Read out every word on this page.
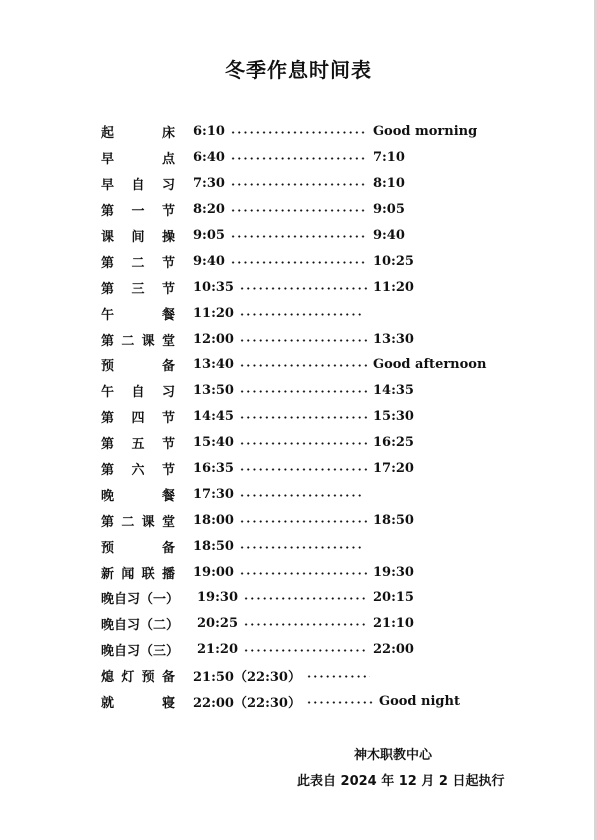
冬季作息时间表
起	床 6:10	Good morning
早	点 6:40	7:10
早 自 习 7:30	8:10
第 一 节 8:20	9:05
课 间 操 9:05	9:40
第 二 节 9:40	10:25
第 三 节 10:35	11:20
午	餐 11:20
第 二 课 堂 12:00	13:30
预	备 13:40	Good afternoon
午 自 习 13:50	14:35
第 四 节 14:45	15:30
第 五 节 15:40	16:25
第 六 节 16:35	17:20
晚	餐 17:30
第 二 课 堂 18:00	18:50
预	备 18:50
新 闻 联 播 19:00	19:30
晚自习（一） 19:30	20:15
晚自习（二） 20:25	21:10
晚自习（三） 21:20	22:00
熄 灯 预 备 21:50（22:30）
就	寝 22:00（22:30）	Good night
神木职教中心
此表自 2024 年 12 月 2 日起执行
